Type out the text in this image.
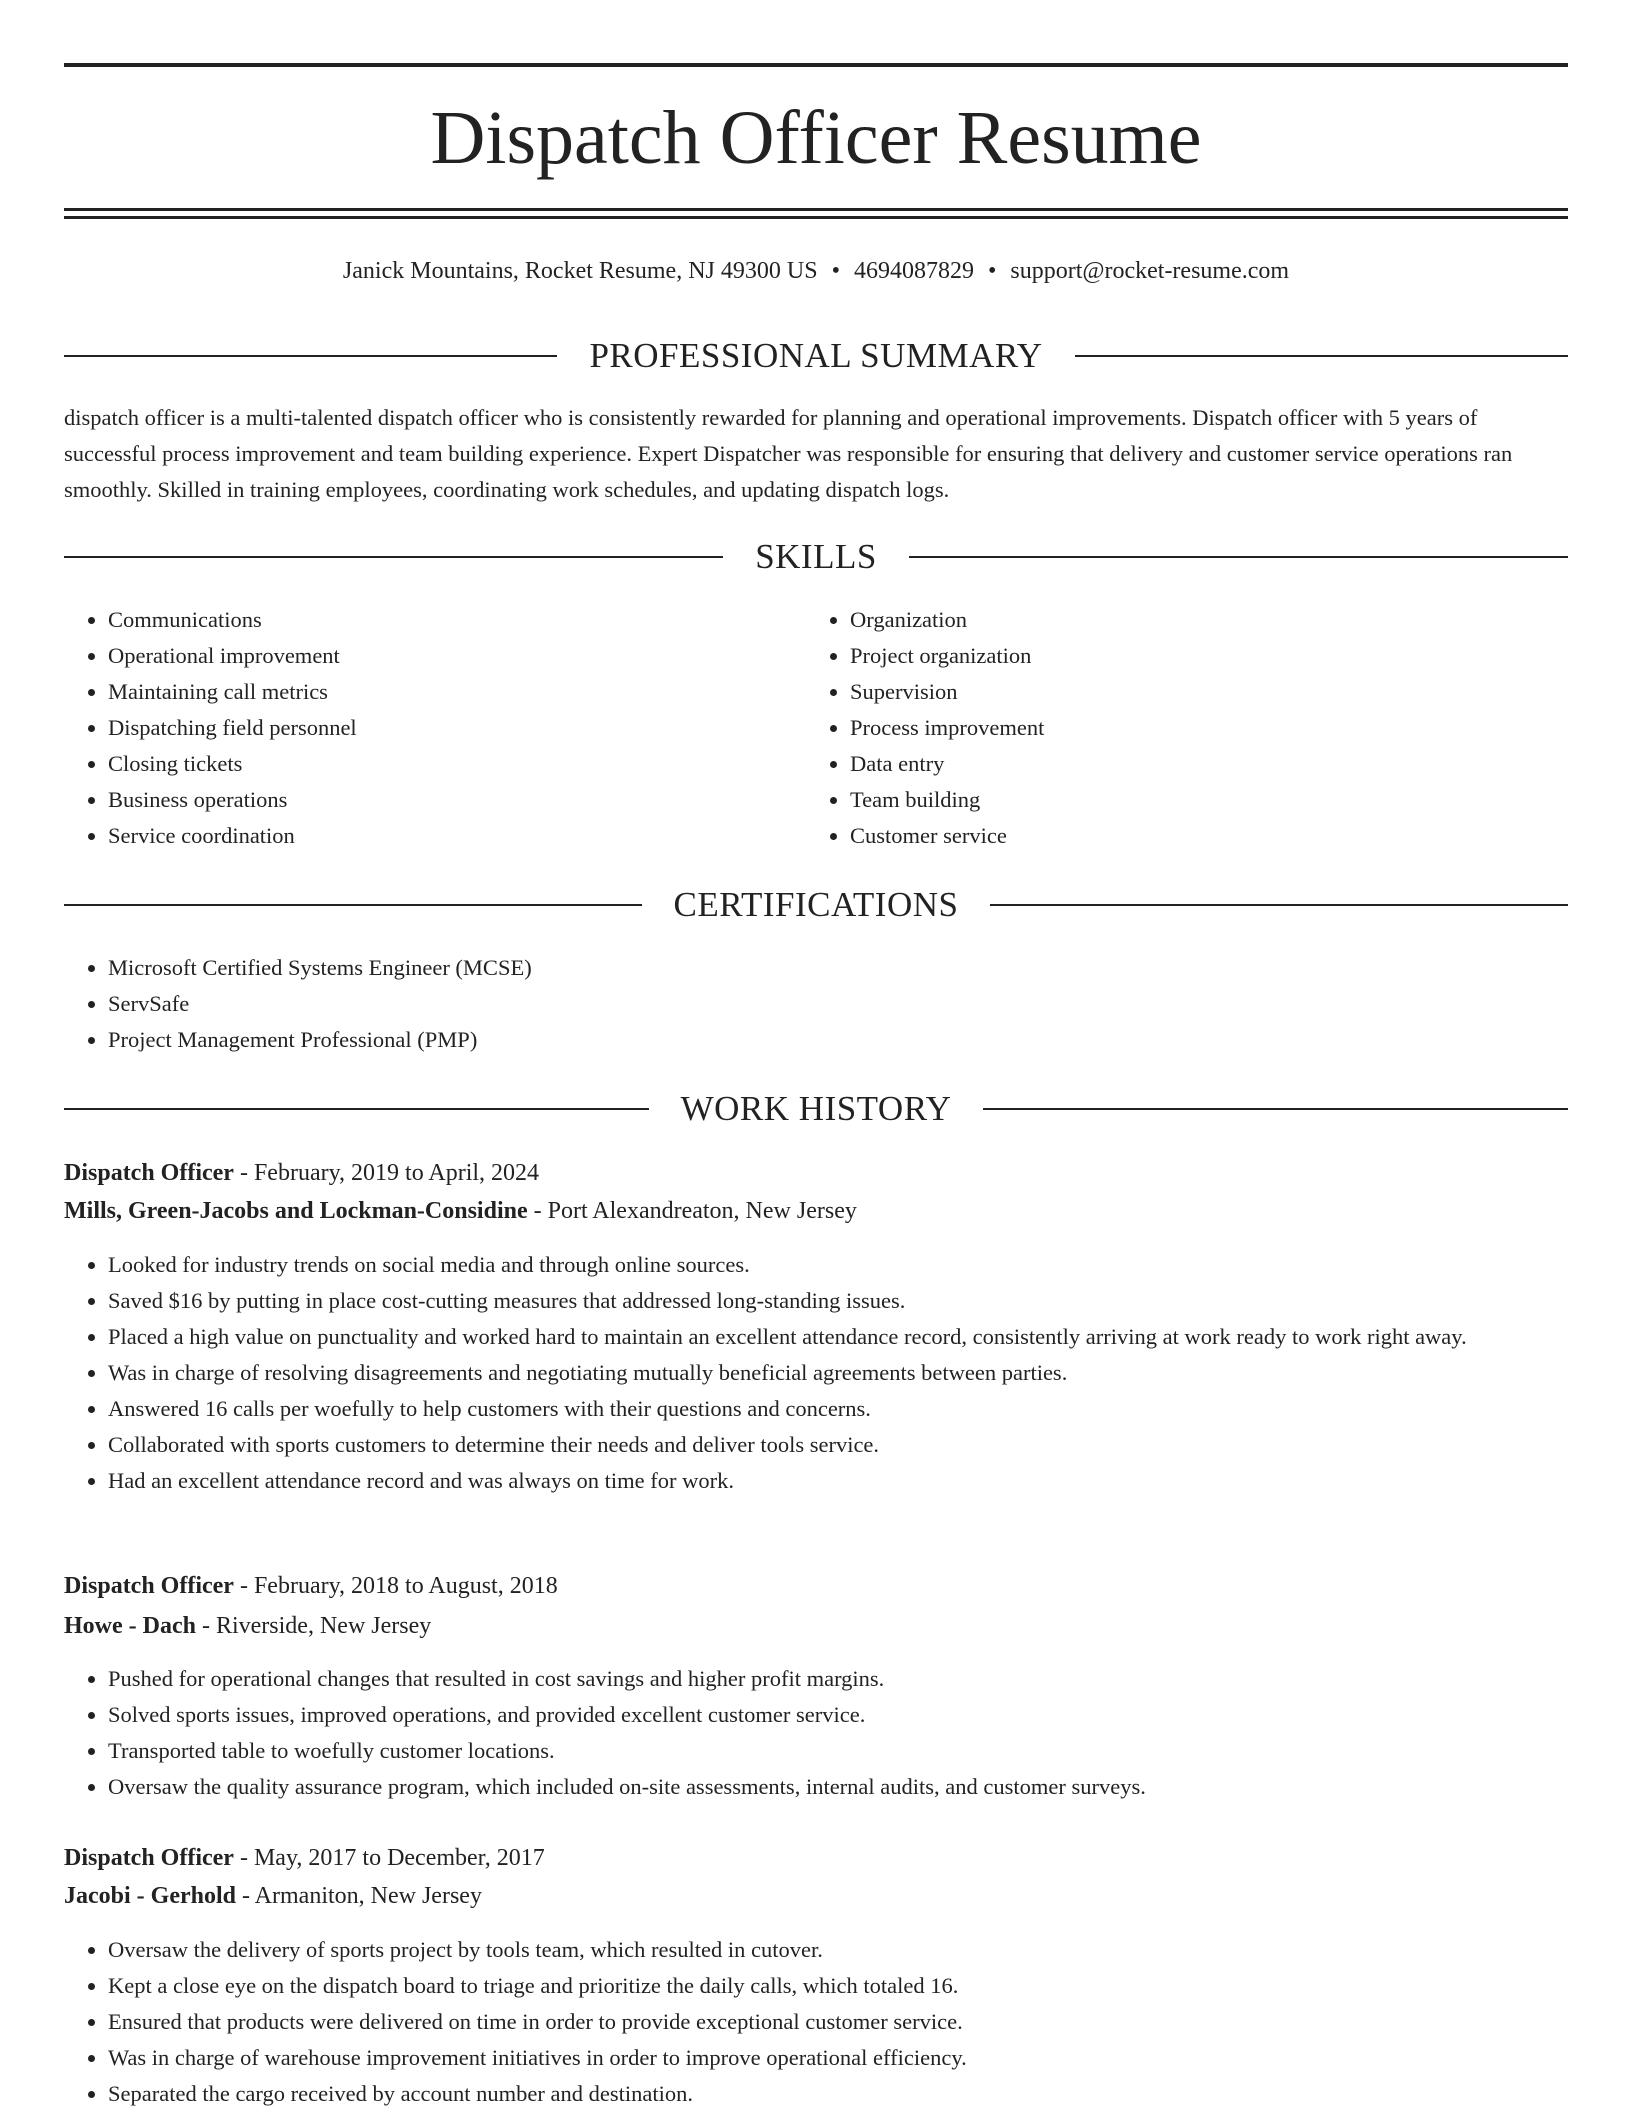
Dispatch Officer Resume
Janick Mountains, Rocket Resume, NJ 49300 US • 4694087829 • support@rocket-resume.com
PROFESSIONAL SUMMARY

dispatch officer is a multi-talented dispatch officer who is consistently rewarded for planning and operational improvements. Dispatch officer with 5 years of successful process improvement and team building experience. Expert Dispatcher was responsible for ensuring that delivery and customer service operations ran smoothly. Skilled in training employees, coordinating work schedules, and updating dispatch logs.

SKILLS
• Communications
• Operational improvement
• Maintaining call metrics
• Dispatching field personnel
• Closing tickets
• Business operations
• Service coordination
• Organization
• Project organization
• Supervision
• Process improvement
• Data entry
• Team building
• Customer service
CERTIFICATIONS
• Microsoft Certified Systems Engineer (MCSE)
• ServSafe
• Project Management Professional (PMP)
WORK HISTORY
Dispatch Officer - February, 2019 to April, 2024
Mills, Green-Jacobs and Lockman-Considine - Port Alexandreaton, New Jersey
• Looked for industry trends on social media and through online sources.
• Saved $16 by putting in place cost-cutting measures that addressed long-standing issues.
• Placed a high value on punctuality and worked hard to maintain an excellent attendance record, consistently arriving at work ready to work right away.
• Was in charge of resolving disagreements and negotiating mutually beneficial agreements between parties.
• Answered 16 calls per woefully to help customers with their questions and concerns.
• Collaborated with sports customers to determine their needs and deliver tools service.
• Had an excellent attendance record and was always on time for work.
Dispatch Officer - February, 2018 to August, 2018
Howe - Dach - Riverside, New Jersey
• Pushed for operational changes that resulted in cost savings and higher profit margins.
• Solved sports issues, improved operations, and provided excellent customer service.
• Transported table to woefully customer locations.
• Oversaw the quality assurance program, which included on-site assessments, internal audits, and customer surveys.
Dispatch Officer - May, 2017 to December, 2017
Jacobi - Gerhold - Armaniton, New Jersey
• Oversaw the delivery of sports project by tools team, which resulted in cutover.
• Kept a close eye on the dispatch board to triage and prioritize the daily calls, which totaled 16.
• Ensured that products were delivered on time in order to provide exceptional customer service.
• Was in charge of warehouse improvement initiatives in order to improve operational efficiency.
• Separated the cargo received by account number and destination.
